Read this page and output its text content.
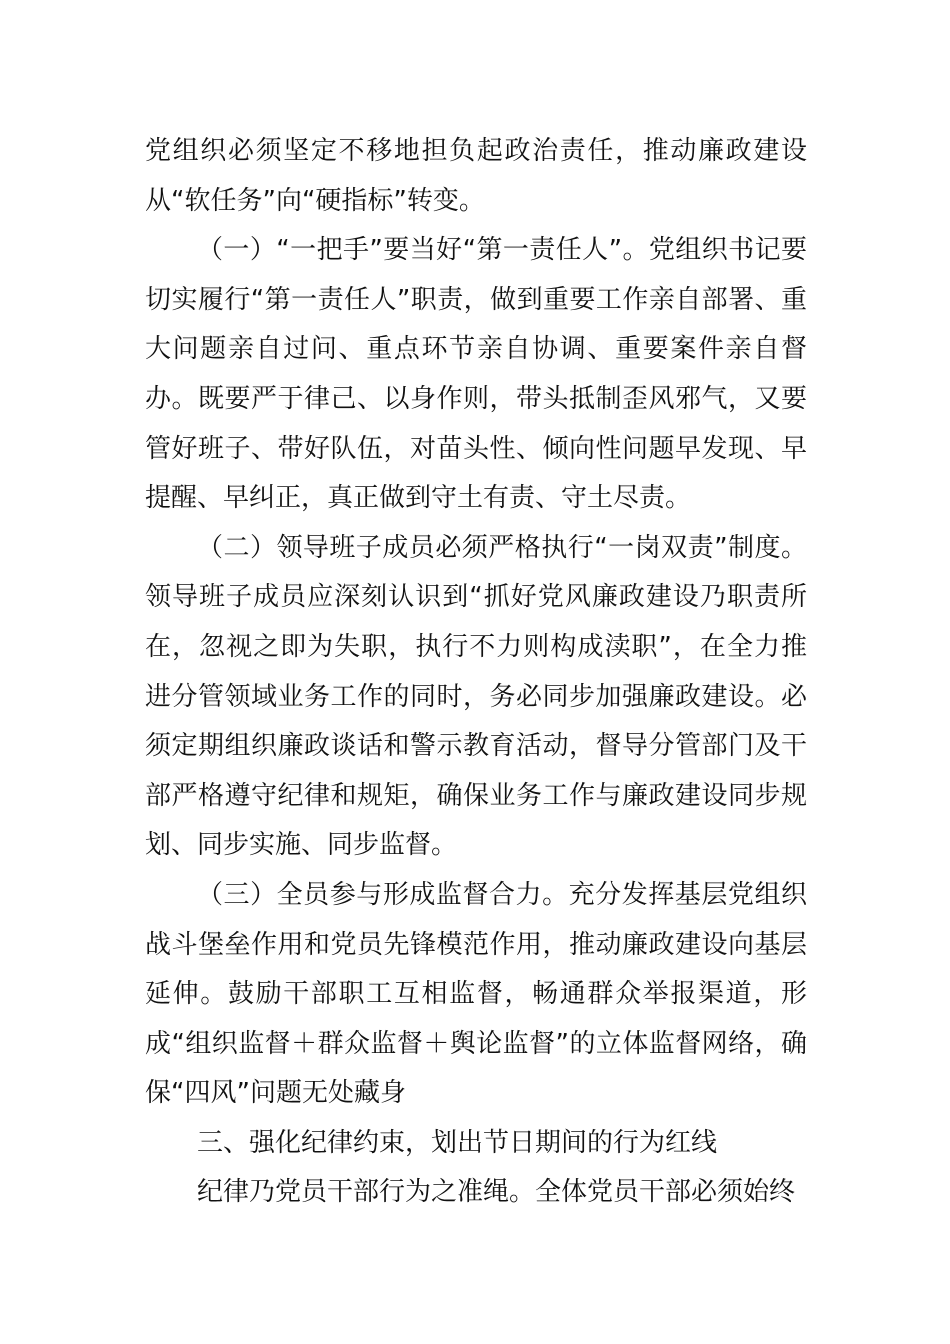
党组织必须坚定不移地担负起政治责任，推动廉政建设从“软任务”向“硬指标”转变。

（一）“一把手”要当好“第一责任人”。党组织书记要切实履行“第一责任人”职责，做到重要工作亲自部署、重大问题亲自过问、重点环节亲自协调、重要案件亲自督办。既要严于律己、以身作则，带头抵制歪风邪气，又要管好班子、带好队伍，对苗头性、倾向性问题早发现、早提醒、早纠正，真正做到守土有责、守土尽责。

（二）领导班子成员必须严格执行“一岗双责”制度。领导班子成员应深刻认识到“抓好党风廉政建设乃职责所在，忽视之即为失职，执行不力则构成渎职”，在全力推进分管领域业务工作的同时，务必同步加强廉政建设。必须定期组织廉政谈话和警示教育活动，督导分管部门及干部严格遵守纪律和规矩，确保业务工作与廉政建设同步规划、同步实施、同步监督。

（三）全员参与形成监督合力。充分发挥基层党组织战斗堡垒作用和党员先锋模范作用，推动廉政建设向基层延伸。鼓励干部职工互相监督，畅通群众举报渠道，形成“组织监督＋群众监督＋舆论监督”的立体监督网络，确保“四风”问题无处藏身

三、强化纪律约束，划出节日期间的行为红线

纪律乃党员干部行为之准绳。全体党员干部必须始终
